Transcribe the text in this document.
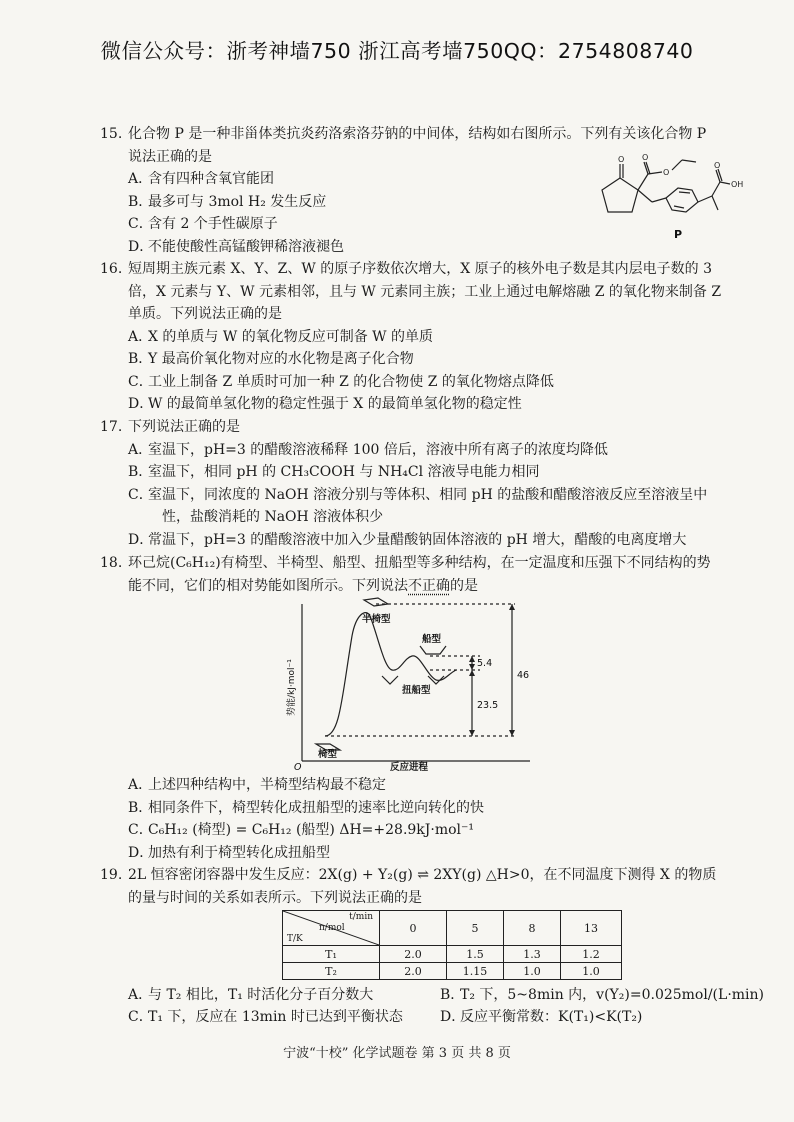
微信公众号：浙考神墙750 浙江高考墙750QQ：2754808740
15. 化合物 P 是一种非甾体类抗炎药洛索洛芬钠的中间体，结构如右图所示。下列有关该化合物 P
说法正确的是
A．含有四种含氧官能团
B．最多可与 3mol H₂ 发生反应
C．含有 2 个手性碳原子
D．不能使酸性高锰酸钾稀溶液褪色
O O
O
O
OH
P
16. 短周期主族元素 X、Y、Z、W 的原子序数依次增大，X 原子的核外电子数是其内层电子数的 3
倍，X 元素与 Y、W 元素相邻，且与 W 元素同主族；工业上通过电解熔融 Z 的氧化物来制备 Z
单质。下列说法正确的是
A．X 的单质与 W 的氧化物反应可制备 W 的单质
B．Y 最高价氧化物对应的水化物是离子化合物
C．工业上制备 Z 单质时可加一种 Z 的化合物使 Z 的氧化物熔点降低
D．W 的最简单氢化物的稳定性强于 X 的最简单氢化物的稳定性
17. 下列说法正确的是
A．室温下，pH=3 的醋酸溶液稀释 100 倍后，溶液中所有离子的浓度均降低
B．室温下，相同 pH 的 CH₃COOH 与 NH₄Cl 溶液导电能力相同
C．室温下，同浓度的 NaOH 溶液分别与等体积、相同 pH 的盐酸和醋酸溶液反应至溶液呈中
性，盐酸消耗的 NaOH 溶液体积少
D．常温下，pH=3 的醋酸溶液中加入少量醋酸钠固体溶液的 pH 增大，醋酸的电离度增大
18. 环己烷(C₆H₁₂)有椅型、半椅型、船型、扭船型等多种结构，在一定温度和压强下不同结构的势
能不同，它们的相对势能如图所示。下列说法不正确的是
半椅型
船型
扭船型
椅型
反应进程
O
5.4
23.5
46
势能/kJ·mol⁻¹
A．上述四种结构中，半椅型结构最不稳定
B．相同条件下，椅型转化成扭船型的速率比逆向转化的快
C．C₆H₁₂ (椅型) = C₆H₁₂ (船型) ΔH=+28.9kJ·mol⁻¹
D．加热有利于椅型转化成扭船型
19. 2L 恒容密闭容器中发生反应：2X(g) + Y₂(g) ⇌ 2XY(g) △H>0，在不同温度下测得 X 的物质
的量与时间的关系如表所示。下列说法正确的是
t/min
n/mol
T/K	0	5	8	13

T₁	2.0	1.5	1.3	1.2
T₂	2.0	1.15	1.0	1.0
A．与 T₂ 相比，T₁ 时活化分子百分数大	B．T₂ 下，5~8min 内，v(Y₂)=0.025mol/(L·min)
C．T₁ 下，反应在 13min 时已达到平衡状态	D．反应平衡常数：K(T₁)<K(T₂)
宁波“十校” 化学试题卷 第 3 页 共 8 页
